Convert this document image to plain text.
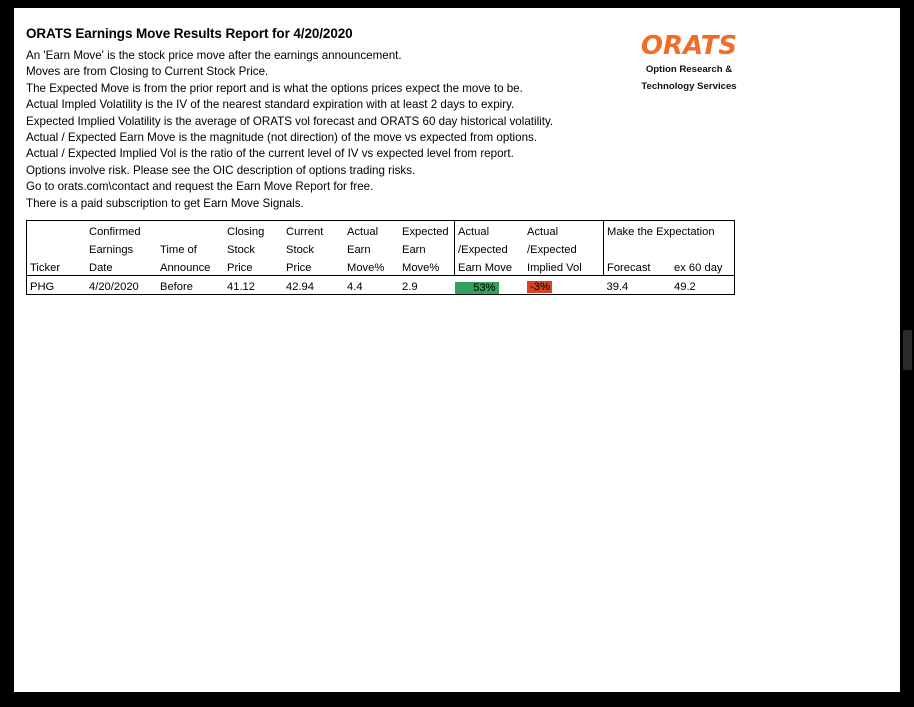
ORATS Earnings Move Results Report for 4/20/2020
An 'Earn Move' is the stock price move after the earnings announcement.
Moves are from Closing to Current Stock Price.
The Expected Move is from the prior report and is what the options prices expect the move to be.
Actual Impled Volatility is the IV of the nearest standard expiration with at least 2 days to expiry.
Expected Implied Volatility is the average of ORATS vol forecast and ORATS 60 day historical volatility.
Actual / Expected Earn Move is the magnitude (not direction) of the move vs expected from options.
Actual / Expected Implied Vol is the ratio of the current level of IV vs expected level from report.
Options involve risk. Please see the OIC description of options trading risks.
Go to orats.com\contact and request the Earn Move Report for free.
There is a paid subscription to get Earn Move Signals.
ORATS
Option Research &
Technology Services
	Confirmed		Closing	Current	Actual	Expected	Actual	Actual	Make the Expectation	
	Earnings	Time of	Stock	Stock	Earn	Earn	/Expected	/Expected		
Ticker	Date	Announce	Price	Price	Move%	Move%	Earn Move	Implied Vol	Forecast	ex 60 day
PHG	4/20/2020	Before	41.12	42.94	4.4	2.9	53%	-3%	39.4	49.2
